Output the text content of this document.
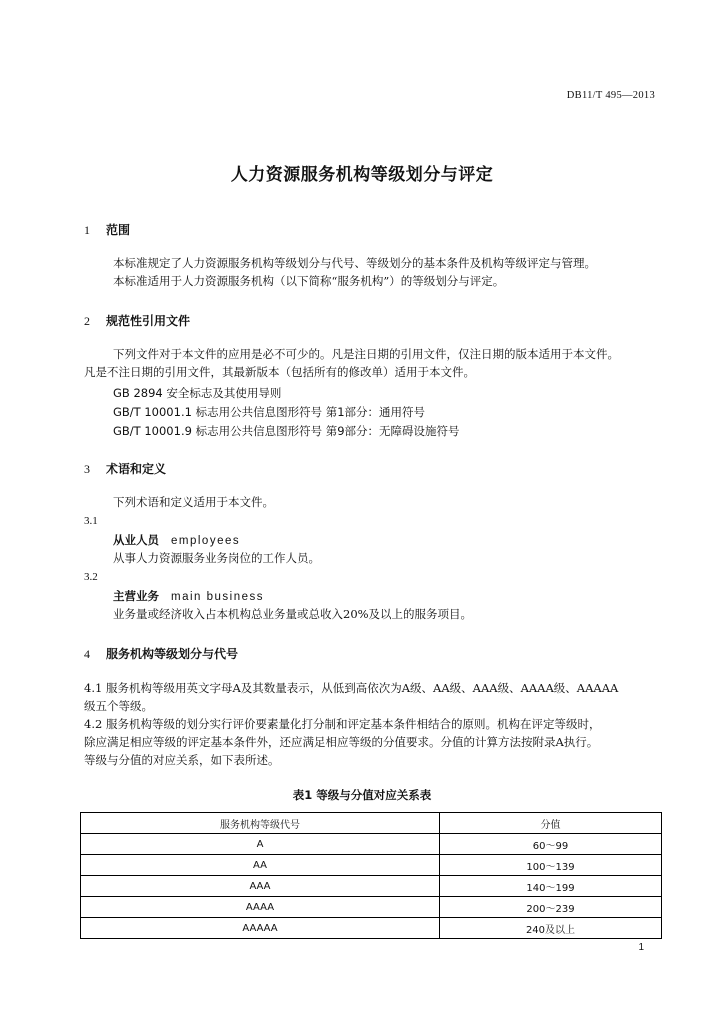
DB11/T 495—2013
人力资源服务机构等级划分与评定
1 范围
本标准规定了人力资源服务机构等级划分与代号、等级划分的基本条件及机构等级评定与管理。
本标准适用于人力资源服务机构（以下简称“服务机构”）的等级划分与评定。
2 规范性引用文件
下列文件对于本文件的应用是必不可少的。凡是注日期的引用文件，仅注日期的版本适用于本文件。
凡是不注日期的引用文件，其最新版本（包括所有的修改单）适用于本文件。
GB 2894 安全标志及其使用导则
GB/T 10001.1 标志用公共信息图形符号 第1部分：通用符号
GB/T 10001.9 标志用公共信息图形符号 第9部分：无障碍设施符号
3 术语和定义
下列术语和定义适用于本文件。
3.1
从业人员 employees
从事人力资源服务业务岗位的工作人员。
3.2
主营业务 main business
业务量或经济收入占本机构总业务量或总收入20%及以上的服务项目。
4 服务机构等级划分与代号
4.1 服务机构等级用英文字母A及其数量表示，从低到高依次为A级、AA级、AAA级、AAAA级、AAAAA
级五个等级。
4.2 服务机构等级的划分实行评价要素量化打分制和评定基本条件相结合的原则。机构在评定等级时，
除应满足相应等级的评定基本条件外，还应满足相应等级的分值要求。分值的计算方法按附录A执行。
等级与分值的对应关系，如下表所述。
表1 等级与分值对应关系表
服务机构等级代号	分值
A	60～99
AA	100～139
AAA	140～199
AAAA	200～239
AAAAA	240及以上
1
